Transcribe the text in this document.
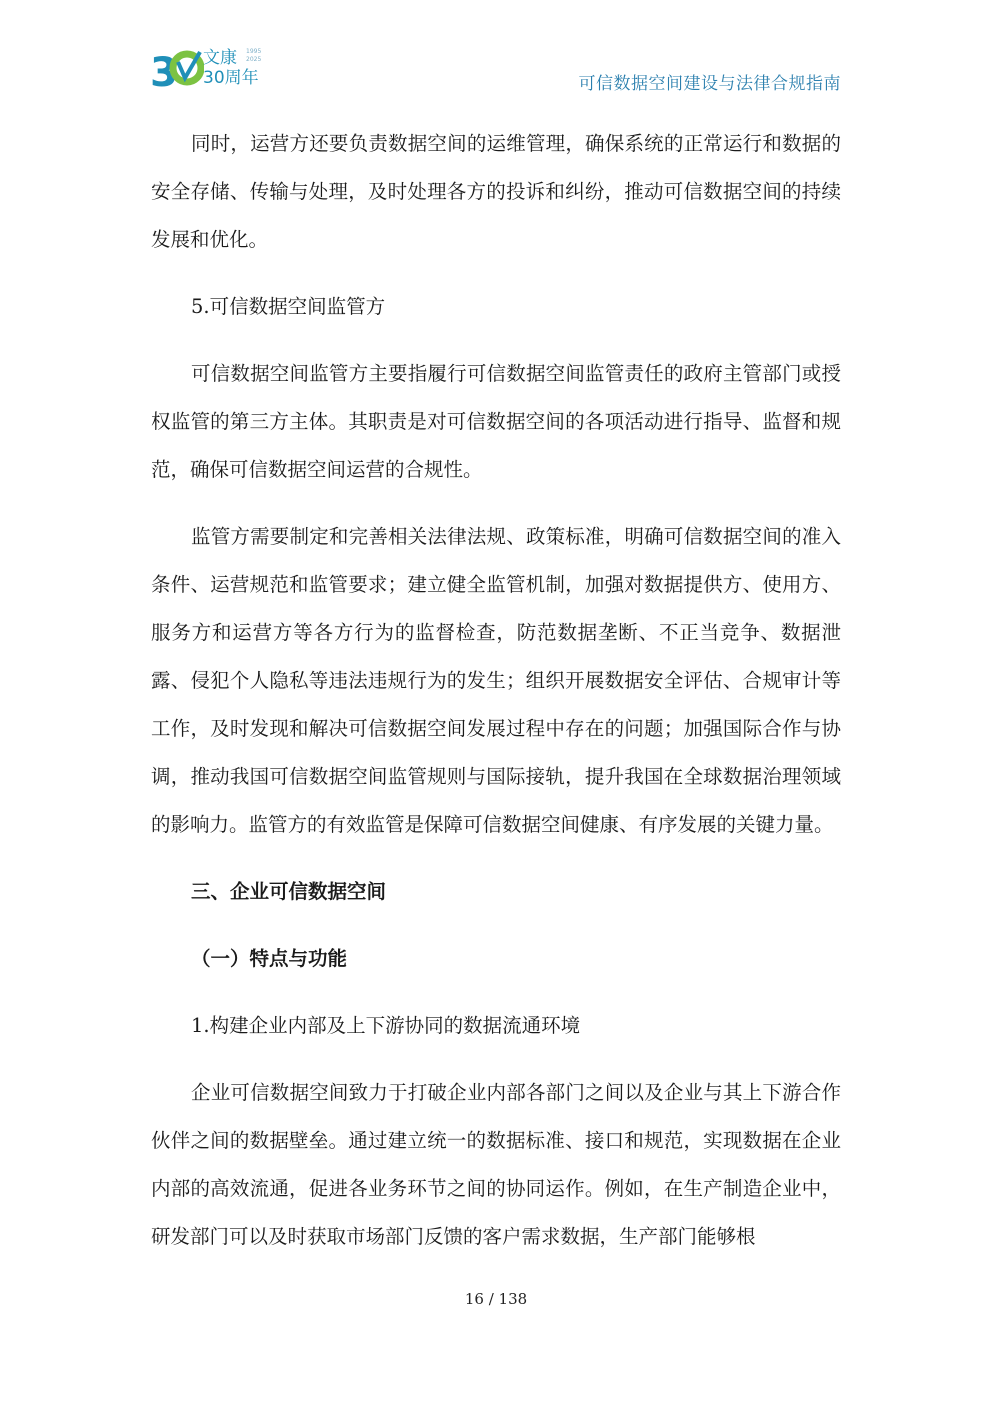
3 文康
30周年
1995
2025
可信数据空间建设与法律合规指南

同时，运营方还要负责数据空间的运维管理，确保系统的正常运行和数据的安全存储、传输与处理，及时处理各方的投诉和纠纷，推动可信数据空间的持续发展和优化。

5.可信数据空间监管方

可信数据空间监管方主要指履行可信数据空间监管责任的政府主管部门或授权监管的第三方主体。其职责是对可信数据空间的各项活动进行指导、监督和规范，确保可信数据空间运营的合规性。

监管方需要制定和完善相关法律法规、政策标准，明确可信数据空间的准入条件、运营规范和监管要求；建立健全监管机制，加强对数据提供方、使用方、服务方和运营方等各方行为的监督检查，防范数据垄断、不正当竞争、数据泄露、侵犯个人隐私等违法违规行为的发生；组织开展数据安全评估、合规审计等工作，及时发现和解决可信数据空间发展过程中存在的问题；加强国际合作与协调，推动我国可信数据空间监管规则与国际接轨，提升我国在全球数据治理领域的影响力。监管方的有效监管是保障可信数据空间健康、有序发展的关键力量。

三、企业可信数据空间

（一）特点与功能

1.构建企业内部及上下游协同的数据流通环境

企业可信数据空间致力于打破企业内部各部门之间以及企业与其上下游合作伙伴之间的数据壁垒。通过建立统一的数据标准、接口和规范，实现数据在企业内部的高效流通，促进各业务环节之间的协同运作。例如，在生产制造企业中，研发部门可以及时获取市场部门反馈的客户需求数据，生产部门能够根

16 / 138
